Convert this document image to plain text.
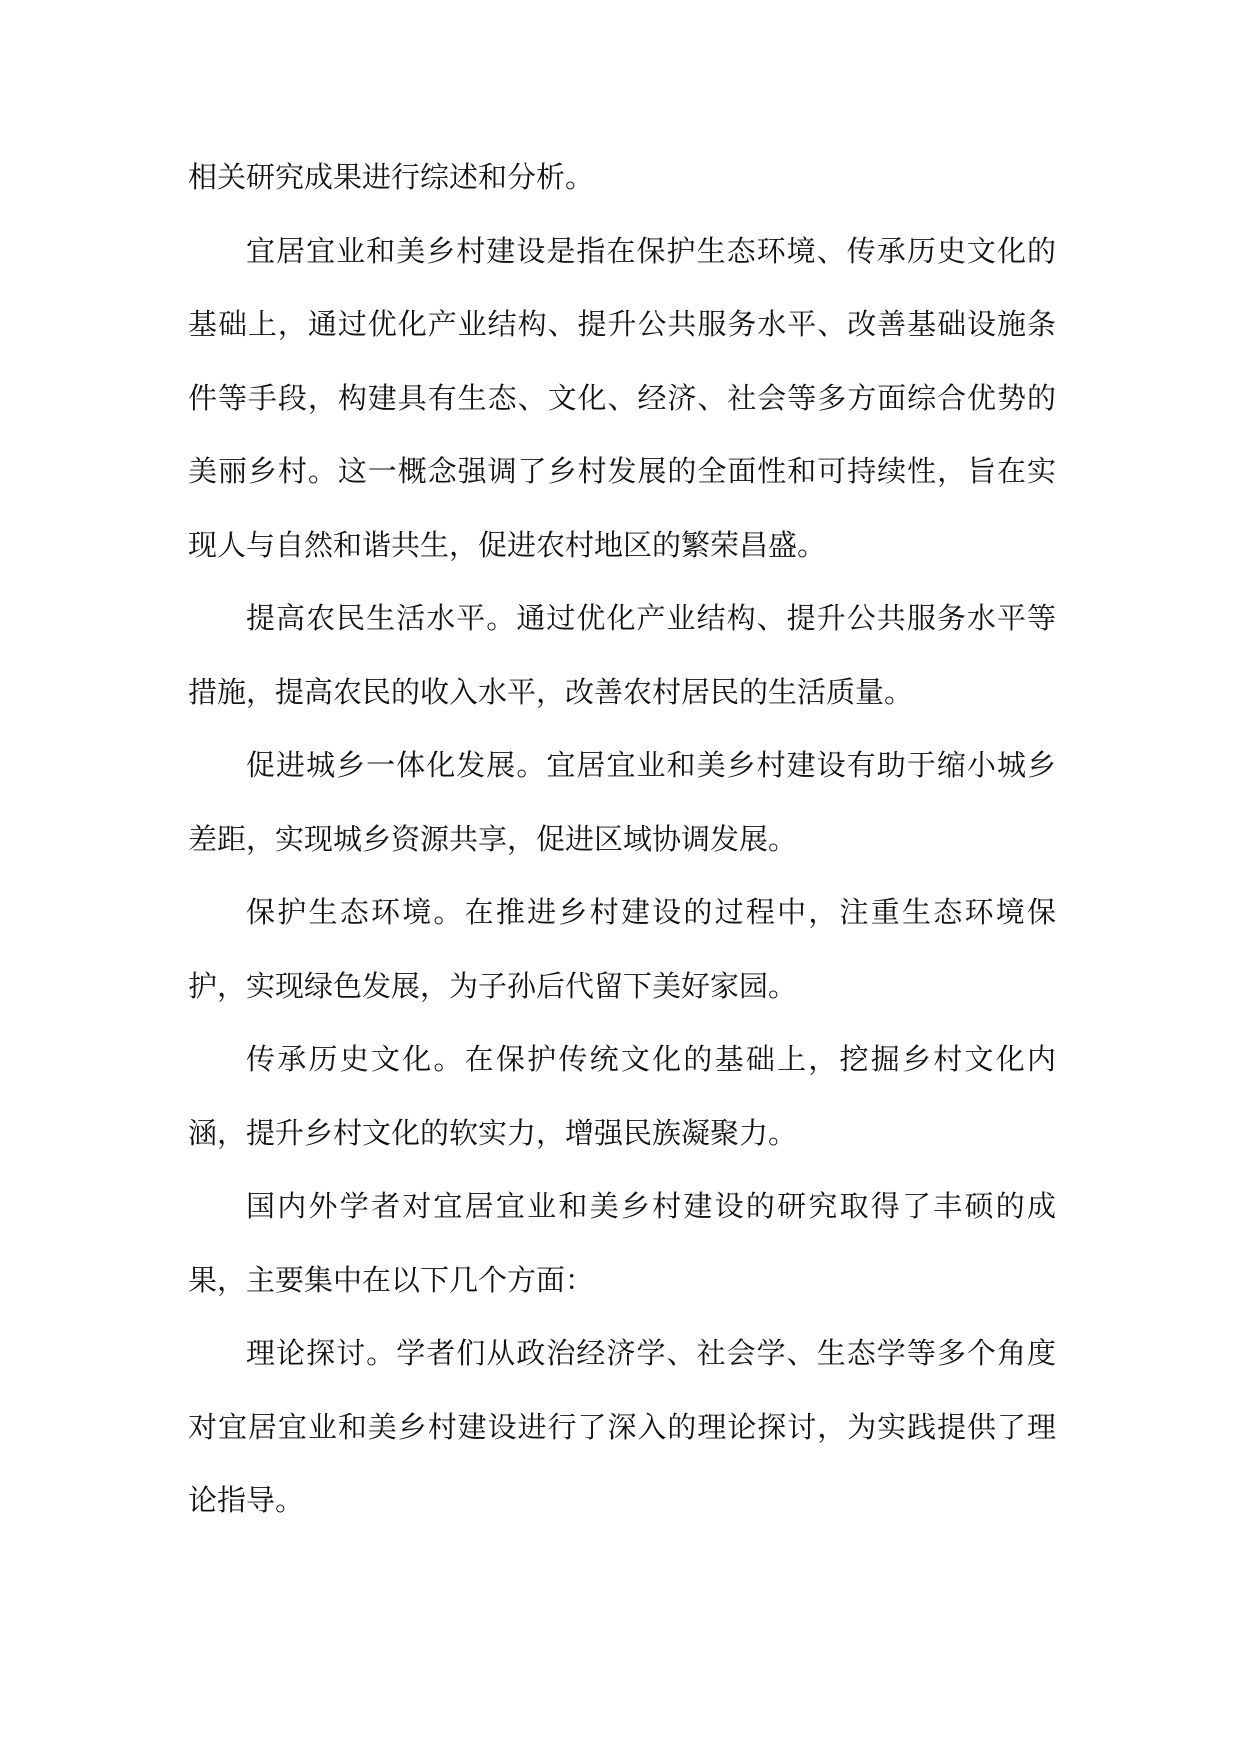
相关研究成果进行综述和分析。

宜居宜业和美乡村建设是指在保护生态环境、传承历史文化的基础上，通过优化产业结构、提升公共服务水平、改善基础设施条件等手段，构建具有生态、文化、经济、社会等多方面综合优势的美丽乡村。这一概念强调了乡村发展的全面性和可持续性，旨在实现人与自然和谐共生，促进农村地区的繁荣昌盛。

提高农民生活水平。通过优化产业结构、提升公共服务水平等措施，提高农民的收入水平，改善农村居民的生活质量。

促进城乡一体化发展。宜居宜业和美乡村建设有助于缩小城乡差距，实现城乡资源共享，促进区域协调发展。

保护生态环境。在推进乡村建设的过程中，注重生态环境保护，实现绿色发展，为子孙后代留下美好家园。

传承历史文化。在保护传统文化的基础上，挖掘乡村文化内涵，提升乡村文化的软实力，增强民族凝聚力。

国内外学者对宜居宜业和美乡村建设的研究取得了丰硕的成果，主要集中在以下几个方面：

理论探讨。学者们从政治经济学、社会学、生态学等多个角度对宜居宜业和美乡村建设进行了深入的理论探讨，为实践提供了理论指导。
